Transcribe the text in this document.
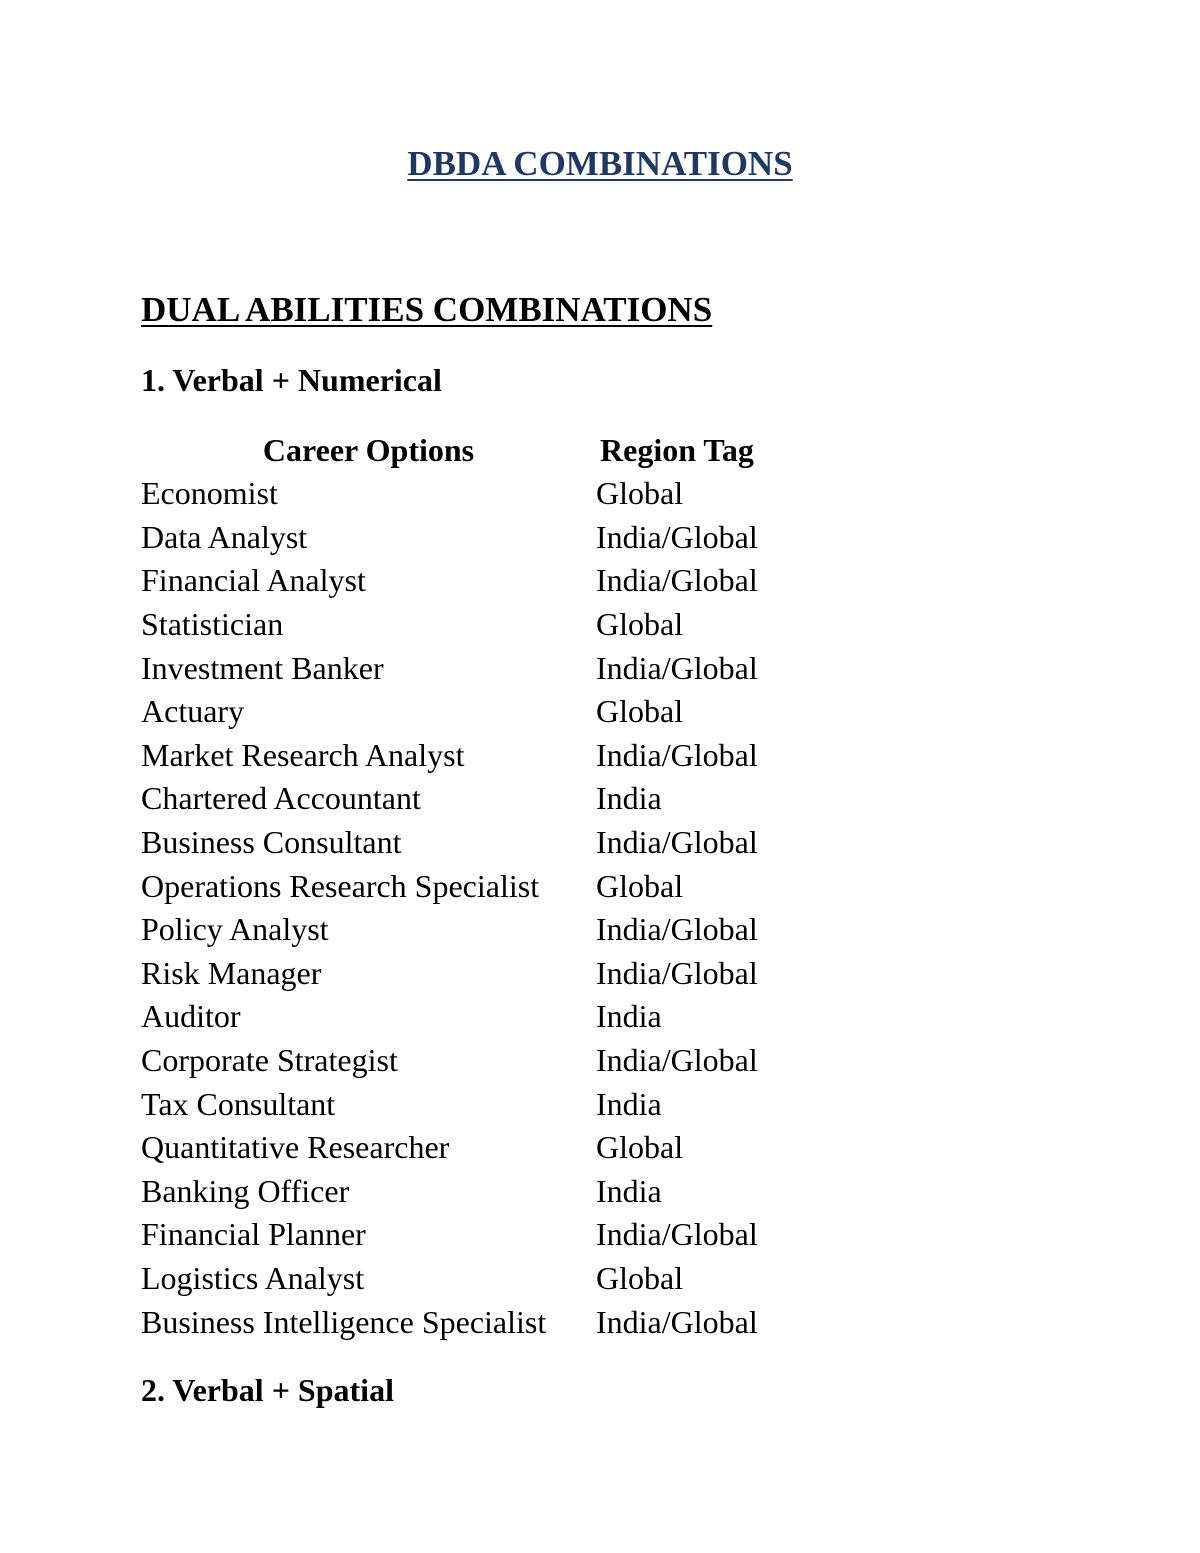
DBDA COMBINATIONS
DUAL ABILITIES COMBINATIONS
1. Verbal + Numerical
Career Options	Region Tag
Economist	Global
Data Analyst	India/Global
Financial Analyst	India/Global
Statistician	Global
Investment Banker	India/Global
Actuary	Global
Market Research Analyst	India/Global
Chartered Accountant	India
Business Consultant	India/Global
Operations Research Specialist	Global
Policy Analyst	India/Global
Risk Manager	India/Global
Auditor	India
Corporate Strategist	India/Global
Tax Consultant	India
Quantitative Researcher	Global
Banking Officer	India
Financial Planner	India/Global
Logistics Analyst	Global
Business Intelligence Specialist	India/Global
2. Verbal + Spatial
